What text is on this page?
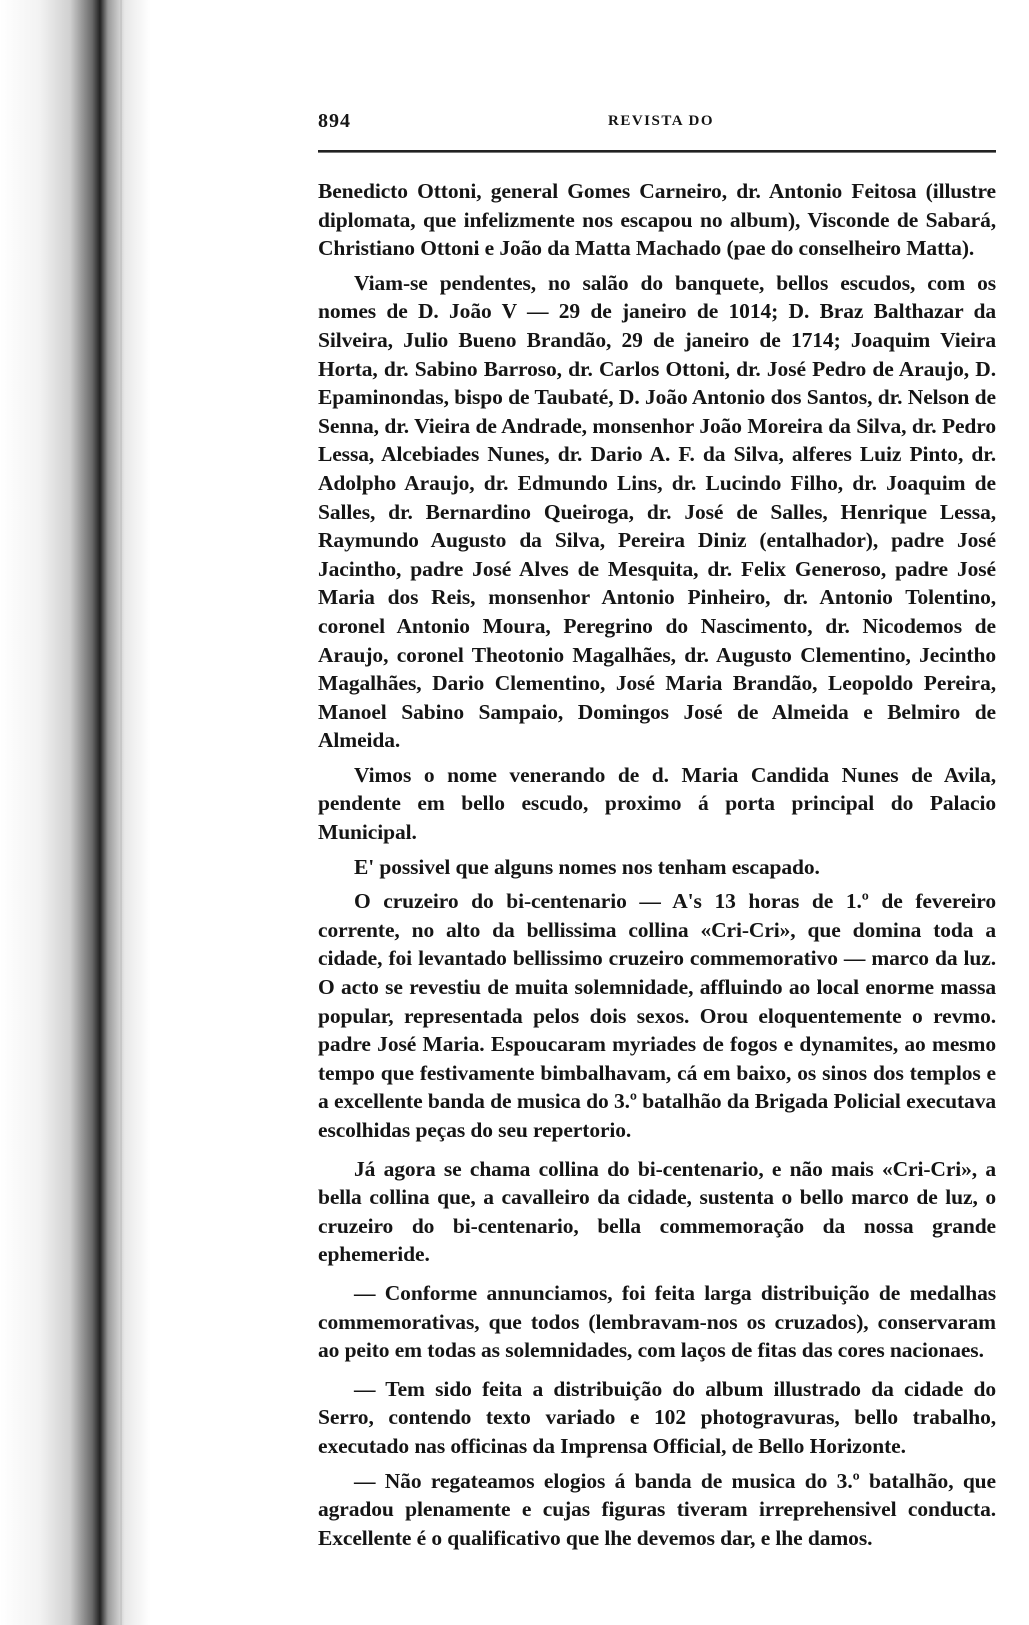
894	REVISTA DO

Benedicto Ottoni, general Gomes Carneiro, dr. Antonio Feitosa (illustre diplomata, que infelizmente nos escapou no album), Visconde de Sabará, Christiano Ottoni e João da Matta Machado (pae do conselheiro Matta).

Viam-se pendentes, no salão do banquete, bellos escudos, com os nomes de D. João V — 29 de janeiro de 1014; D. Braz Balthazar da Silveira, Julio Bueno Brandão, 29 de janeiro de 1714; Joaquim Vieira Horta, dr. Sabino Barroso, dr. Carlos Ottoni, dr. José Pedro de Araujo, D. Epaminondas, bispo de Taubaté, D. João Antonio dos Santos, dr. Nelson de Senna, dr. Vieira de Andrade, monsenhor João Moreira da Silva, dr. Pedro Lessa, Alcebiades Nunes, dr. Dario A. F. da Silva, alferes Luiz Pinto, dr. Adolpho Araujo, dr. Edmundo Lins, dr. Lucindo Filho, dr. Joaquim de Salles, dr. Bernardino Queiroga, dr. José de Salles, Henrique Lessa, Raymundo Augusto da Silva, Pereira Diniz (entalhador), padre José Jacintho, padre José Alves de Mesquita, dr. Felix Generoso, padre José Maria dos Reis, monsenhor Antonio Pinheiro, dr. Antonio Tolentino, coronel Antonio Moura, Peregrino do Nascimento, dr. Nicodemos de Araujo, coronel Theotonio Magalhães, dr. Augusto Clementino, Jecintho Magalhães, Dario Clementino, José Maria Brandão, Leopoldo Pereira, Manoel Sabino Sampaio, Domingos José de Almeida e Belmiro de Almeida.

Vimos o nome venerando de d. Maria Candida Nunes de Avila, pendente em bello escudo, proximo á porta principal do Palacio Municipal.

E' possivel que alguns nomes nos tenham escapado.

O cruzeiro do bi-centenario — A's 13 horas de 1.º de fevereiro corrente, no alto da bellissima collina «Cri-Cri», que domina toda a cidade, foi levantado bellissimo cruzeiro commemorativo — marco da luz. O acto se revestiu de muita solemnidade, affluindo ao local enorme massa popular, representada pelos dois sexos. Orou eloquentemente o revmo. padre José Maria. Espoucaram myriades de fogos e dynamites, ao mesmo tempo que festivamente bimbalhavam, cá em baixo, os sinos dos templos e a excellente banda de musica do 3.º batalhão da Brigada Policial executava escolhidas peças do seu repertorio.

Já agora se chama collina do bi-centenario, e não mais «Cri-Cri», a bella collina que, a cavalleiro da cidade, sustenta o bello marco de luz, o cruzeiro do bi-centenario, bella commemoração da nossa grande ephemeride.

— Conforme annunciamos, foi feita larga distribuição de medalhas commemorativas, que todos (lembravam-nos os cruzados), conservaram ao peito em todas as solemnidades, com laços de fitas das cores nacionaes.

— Tem sido feita a distribuição do album illustrado da cidade do Serro, contendo texto variado e 102 photogravuras, bello trabalho, executado nas officinas da Imprensa Official, de Bello Horizonte.

— Não regateamos elogios á banda de musica do 3.º batalhão, que agradou plenamente e cujas figuras tiveram irreprehensivel conducta. Excellente é o qualificativo que lhe devemos dar, e lhe damos.
